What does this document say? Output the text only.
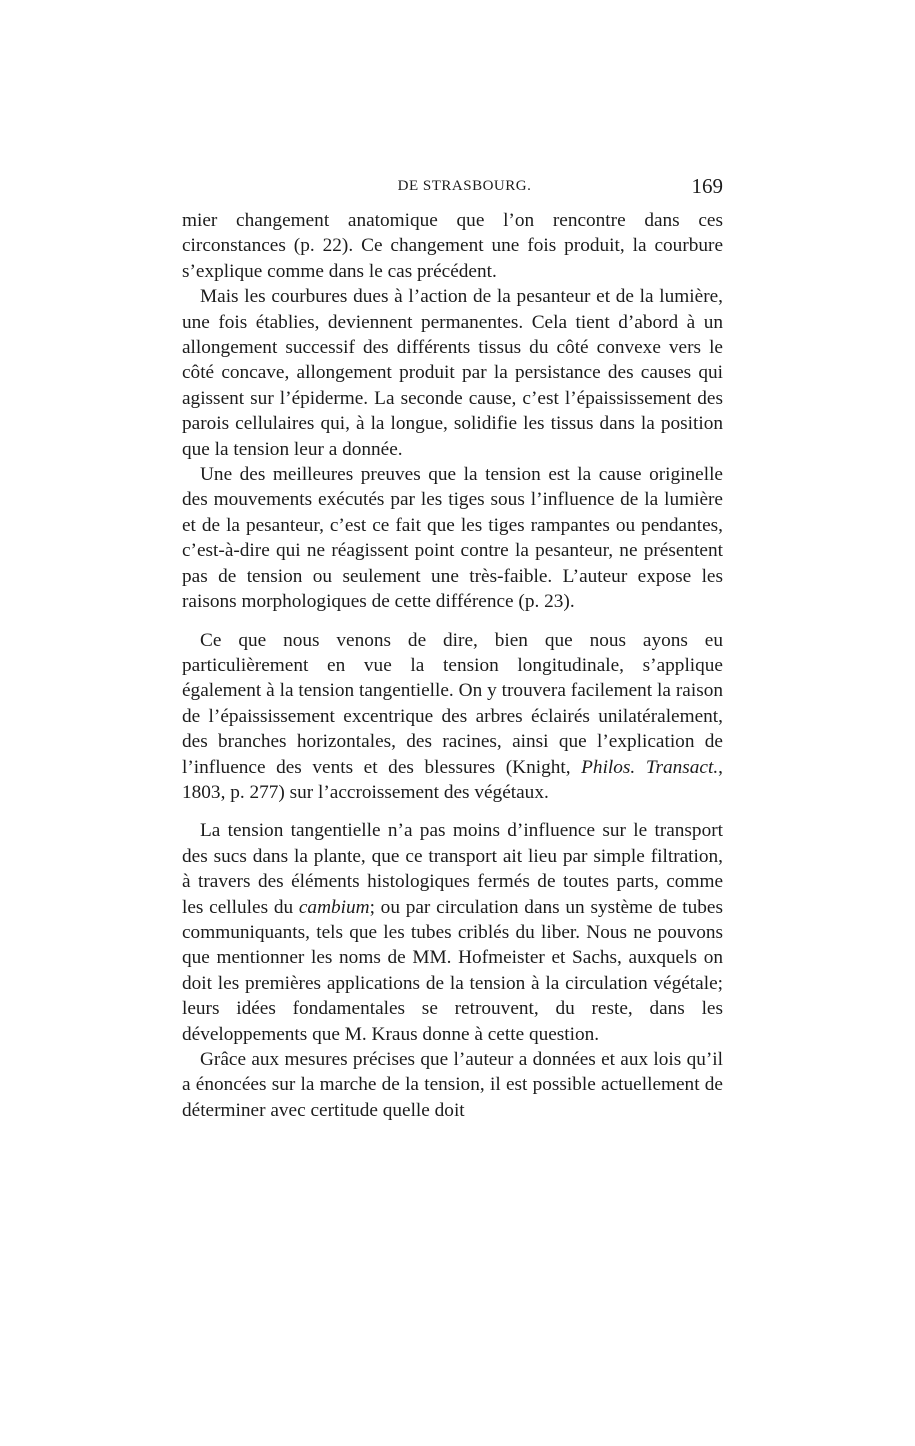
DE STRASBOURG.	169

mier changement anatomique que l’on rencontre dans ces circonstances (p. 22). Ce changement une fois produit, la courbure s’explique comme dans le cas précédent.

Mais les courbures dues à l’action de la pesanteur et de la lumière, une fois établies, deviennent permanentes. Cela tient d’abord à un allongement successif des différents tissus du côté convexe vers le côté concave, allongement produit par la persistance des causes qui agissent sur l’épiderme. La seconde cause, c’est l’épaississement des parois cellulaires qui, à la longue, solidifie les tissus dans la position que la tension leur a donnée.

Une des meilleures preuves que la tension est la cause originelle des mouvements exécutés par les tiges sous l’influence de la lumière et de la pesanteur, c’est ce fait que les tiges rampantes ou pendantes, c’est-à-dire qui ne réagissent point contre la pesanteur, ne présentent pas de tension ou seulement une très-faible. L’auteur expose les raisons morphologiques de cette différence (p. 23).

Ce que nous venons de dire, bien que nous ayons eu particulièrement en vue la tension longitudinale, s’applique également à la tension tangentielle. On y trouvera facilement la raison de l’épaississement excentrique des arbres éclairés unilatéralement, des branches horizontales, des racines, ainsi que l’explication de l’influence des vents et des blessures (Knight, Philos. Transact., 1803, p. 277) sur l’accroissement des végétaux.

La tension tangentielle n’a pas moins d’influence sur le transport des sucs dans la plante, que ce transport ait lieu par simple filtration, à travers des éléments histologiques fermés de toutes parts, comme les cellules du cambium; ou par circulation dans un système de tubes communiquants, tels que les tubes criblés du liber. Nous ne pouvons que mentionner les noms de MM. Hofmeister et Sachs, auxquels on doit les premières applications de la tension à la circulation végétale; leurs idées fondamentales se retrouvent, du reste, dans les développements que M. Kraus donne à cette question.

Grâce aux mesures précises que l’auteur a données et aux lois qu’il a énoncées sur la marche de la tension, il est possible actuellement de déterminer avec certitude quelle doit
